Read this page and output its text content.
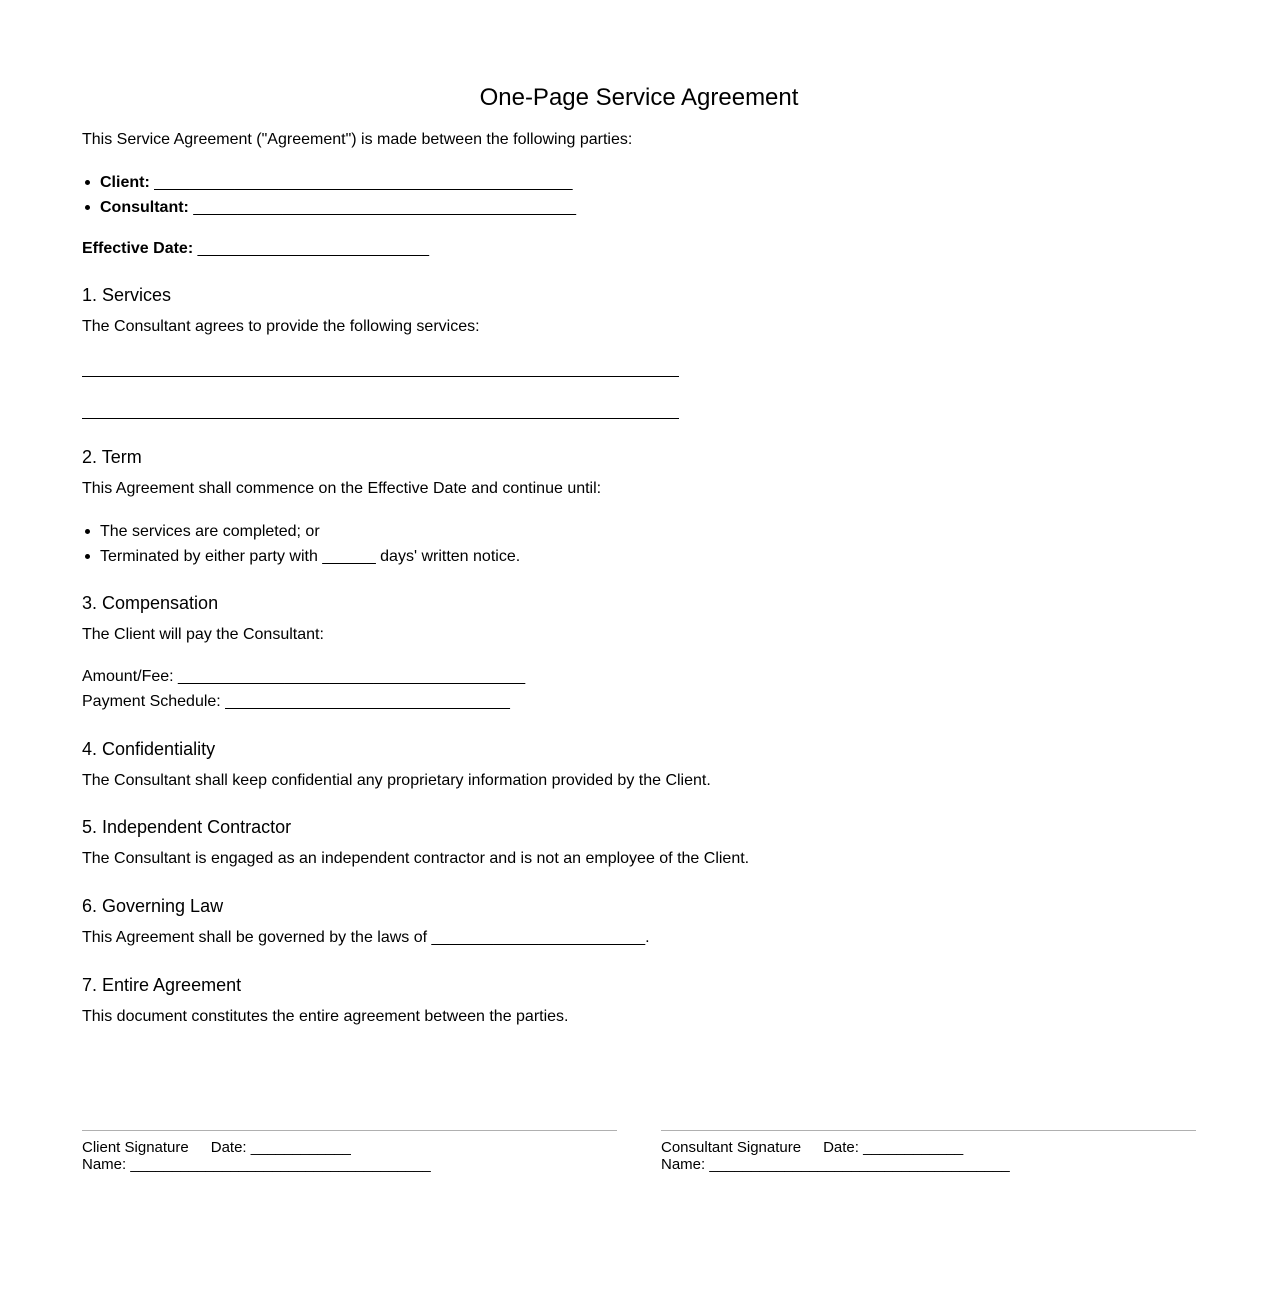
One-Page Service Agreement
This Service Agreement ("Agreement") is made between the following parties:
Client: _______________________________________________
Consultant: ___________________________________________
Effective Date: __________________________
1. Services
The Consultant agrees to provide the following services:
2. Term
This Agreement shall commence on the Effective Date and continue until:
The services are completed; or
Terminated by either party with ______ days' written notice.
3. Compensation
The Client will pay the Consultant:
Amount/Fee: _______________________________________
Payment Schedule: ________________________________
4. Confidentiality
The Consultant shall keep confidential any proprietary information provided by the Client.
5. Independent Contractor
The Consultant is engaged as an independent contractor and is not an employee of the Client.
6. Governing Law
This Agreement shall be governed by the laws of ________________________.
7. Entire Agreement
This document constitutes the entire agreement between the parties.
Client Signature Date: ____________
Name: ____________________________________
Consultant Signature Date: ____________
Name: ____________________________________
